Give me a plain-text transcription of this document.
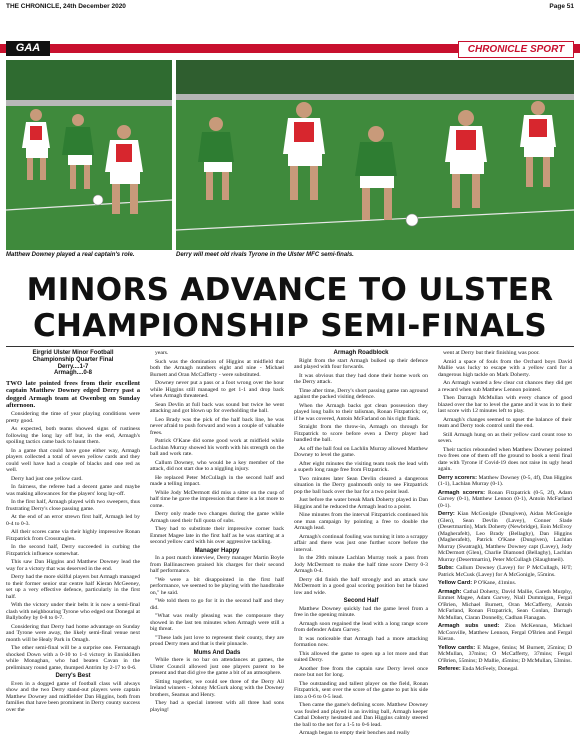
THE CHRONICLE, 24th December 2020	Page 51
GAA	CHRONICLE SPORT
Matthew Downey played a real captain's role.	Derry will meet old rivals Tyrone in the Ulster MFC semi-finals.
MINORS ADVANCE TO ULSTER
CHAMPIONSHIP SEMI-FINALS
Eirgrid Ulster Minor Football
Championship Quarter Final
Derry....1-7
Armagh....0-8

TWO late pointed frees from their excellent captain Matthew Downey edged Derry past a dogged Armagh team at Owenbeg on Sunday afternoon.

Considering the time of year playing conditions were pretty good.

As expected, both teams showed signs of rustiness following the long lay off but, in the end, Armagh's spoiling tactics came back to haunt them.

In a game that could have gone either way, Armagh players collected a total of seven yellow cards and they could well have had a couple of blacks and one red as well.

Derry had just one yellow card.

In fairness, the referee had a decent game and maybe was making allowances for the players' long lay-off.

In the first half, Armagh played with two sweepers, thus frustrating Derry's close passing game.

At the end of an error strewn first half, Armagh led by 0-4 to 0-3.

All their scores came via their highly impressive Ronan Fitzpatrick from Crossmaglen.

In the second half, Derry succeeded in curbing the Fitzpatrick influence somewhat.

This saw Dan Higgins and Matthew Downey lead the way for a victory that was deserved in the end.

Derry had the more skilful players but Armagh managed to their former senior star centre half Kieran McGeeney, set up a very effective defence, particularly in the first half.

With the victory under their belts it is now a semi-final clash with neighbouring Tyrone who edged out Donegal at Ballybofey by 0-8 to 0-7.

Considering that Derry had home advantage on Sunday and Tyrone were away, the likely semi-final venue next month will be Healy Park in Omagh.

The other semi-final will be a surprise one. Fermanagh shocked Down with a 0-10 to 1-4 victory in Enniskillen while Monaghan, who had beaten Cavan in the preliminary round game, thumped Antrim by 2-17 to 0-6.

Derry's Best

Even in a dogged game of football class will always show and the two Derry stand-out players were captain Matthew Downey and midfielder Dan Higgins, both from families that have been prominent in Derry county success over the

years.

Such was the domination of Higgins at midfield that both the Armagh numbers eight and nine - Michael Burnett and Oran McCafferty - were substituted.

Downey never put a pass or a foot wrong over the hour while Higgins still managed to get 1-1 and drop back when Armagh threatened.

Sean Devlin at full back was sound but twice he went attacking and got blown up for overholding the ball.

Leo Brady was the pick of the half back line, he was never afraid to push forward and won a couple of valuable frees.

Patrick O'Kane did some good work at midfield while Lochlan Murray showed his worth with his strength on the ball and work rate.

Callum Downey, who would be a key member of the attack, did not start due to a niggling injury.

He replaced Peter McCullagh in the second half and made a telling impact.

While Jody McDermott did miss a sitter on the cusp of half time he gave the impression that there is a lot more to come.

Derry only made two changes during the game while Armagh used their full quota of subs.

They had to substitute their impressive corner back Emmet Magee late in the first half as he was starting at a second yellow card with his over aggressive tackling.

Manager Happy

In a post match interview, Derry manager Martin Boyle from Ballinascreen praised his charges for their second half performance.

"We were a bit disappointed in the first half performance, we seemed to be playing with the handbrake on," he said.

"We told them to go for it in the second half and they did.

"What was really pleasing was the composure they showed in the last ten minutes when Armagh were still a big threat.

"These lads just love to represent their county, they are proud Derry men and that is their pinnacle.

Mums And Dads

While there is no bar on attendances at games, the Ulster Council allowed just one players parent to be present and that did give the game a bit of an atmosphere.

Sitting together, we could see three of the Derry All Ireland winners - Johnny McGurk along with the Downey brothers, Seamus and Henry.

They had a special interest with all three had sons playing!

Armagh Roadblock

Right from the start Armagh bulked up their defence and played with four forwards.

It was obvious that they had done their home work on the Derry attack.

Time after time, Derry's short passing game ran aground against the packed visiting defence.

When the Armagh backs got clean possession they played long balls to their talisman, Ronan Fitzpatrick; or, if he was covered, Antoin McFarland on his right flank.

Straight from the throw-in, Armagh on through for Fitzpatrick to score before even a Derry player had handled the ball.

As off the ball foul on Lachlin Murray allowed Matthew Downey to level the game.

After eight minutes the visiting team took the lead with a superb long range free from Fitzpatrick.

Two minutes later Sean Devlin cleared a dangerous situation in the Derry goalmouth only to see Fitzpatrick pop the ball back over the bar for a two point lead.

Just before the water break Mark Doherty played in Dan Higgins and he reduced the Armagh lead to a point.

Nine minutes from the interval Fitzpatrick continued his one man campaign by pointing a free to double the Armagh lead.

Armagh's continual fouling was turning it into a scrappy affair and there was just one further score before the interval.

In the 29th minute Lachlan Murray took a pass from Jody McDermott to make the half time score Derry 0-3 Armagh 0-4.

Derry did finish the half strongly and an attack saw McDermott in a good goal scoring position but he blazed low and wide.

Second Half

Matthew Downey quickly had the game level from a free in the opening minute.

Armagh soon regained the lead with a long range score from defender Adam Garvey.

It was noticeable that Armagh had a more attacking formation now.

This allowed the game to open up a lot more and that suited Derry.

Another free from the captain saw Derry level once more but not for long.

The outstanding and tallest player on the field, Ronan Fitzpatrick, sent over the score of the game to put his side into a 0-6 to 0-5 lead.

Then came the game's defining score. Matthew Downey was fouled and played in an inviting ball, Armagh keeper Cathal Doherty hesitated and Dan Higgins calmly steered the ball to the net for a 1-5 to 0-6 lead.

Armagh began to empty their benches and really

went at Derry but their finishing was poor.

Amid a space of fouls from the Orchard boys David Mallie was lucky to escape with a yellow card for a dangerous high tackle on Mark Doherty.

An Armagh wasted a few clear cut chances they did get a reward when sub Matthew Lennon pointed.

Then Darragh McMullan with every chance of good blazed over the bar to level the game and it was in to their last score with 12 minutes left to play.

Armagh's changes seemed to upset the balance of their team and Derry took control until the end.

Still Armagh hung on as their yellow card count rose to seven.

Their tactics rebounded when Matthew Downey pointed two frees one of them off the ground to book a semi final date with Tyrone if Covid-19 does not raise its ugly head again.

Derry scorers: Matthew Downey (0-5, 4f), Dan Higgins (1-1), Lachlan Murray (0-1).

Armagh scorers: Ronan Fitzpatrick (0-5, 2f), Adam Garvey (0-1), Matthew Lennon (0-1), Antoin McFarland (0-1).

Derry: Kian McGonigle (Dungiven), Aidan McGonigle (Glen), Sean Devlin (Lavey), Conner Slade (Desertmartin), Mark Doherty (Newbridge), Eoin McEvoy (Magherafelt), Leo Brady (Bellaghy), Dan Higgins (Magherafelt), Patrick O'Kane (Dungiven), Lachlan Murray (Swatragh), Matthew Downey capt (Lavey), Jody McDermott (Glen), Charlie Diamond (Bellaghy), Lachlan Murray (Desertmartin), Peter McCullagh (Slaughtneil).

Subs: Callum Downey (Lavey) for P McCullagh, H/T; Patrick McCusk (Lavey) for A McGonigle, 55mins.

Yellow Card: P O'Kane, 41mins.

Armagh: Cathal Doherty, David Mallie, Gareth Murphy, Emmet Magee, Adam Garvey, Niall Dummigan, Fergal O'Brien, Michael Burnett, Oran McCafferty, Antoin McFarland, Ronan Fitzpatrick, Sean Conlan, Darragh McMullan, Ciaran Donnelly, Cadhan Flanagan.

Armagh subs used: Zion McKennan, Michael McConville, Matthew Lennon, Fergal O'Brien and Fergal Kieran.

Yellow cards: E Magee, 6mins; M Burnett, 25mins; D McMullan, 37mins; O McCafferty, 37mins; Fergal O'Brien, 55mins; D Mallie, 45mins; D McMullan, 53mins.

Referee: Enda McFeely, Donegal.
